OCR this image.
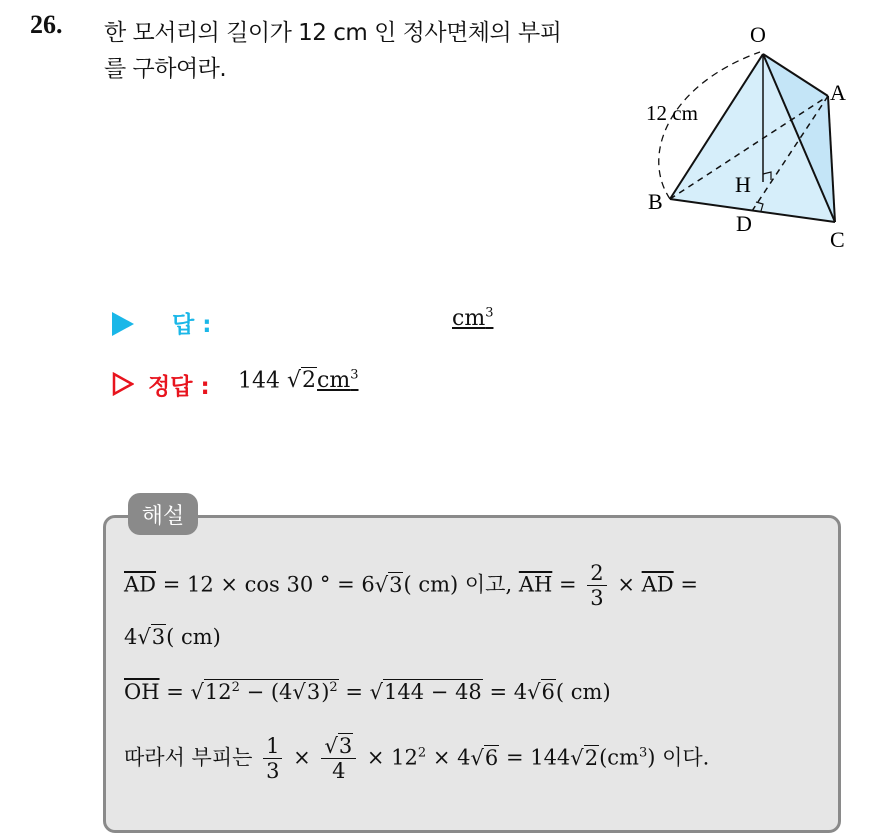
26. 한 모서리의 길이가 12 cm 인 정사면체의 부피
를 구하여라.
O
A
B
C
D
H
12 cm
답 :	$cm^3$
정답 : 144 $√2cm^3$
해설
$\overline{AD} = 12 \times \cos 30$ ° = 6√3( cm) 이고, $\overline{AH} = \frac{2}{3} \times \overline{AD}$ =
4√3( cm)
$\overline{OH} = √12^2 - (4√3)^2 = √144 - 48 = 4√6$( cm)
따라서 부피는 $\frac{1}{3} \times \frac{√3}{4} \times 12^2 \times 4√6 = 144√2(cm^3)$ 이다.
